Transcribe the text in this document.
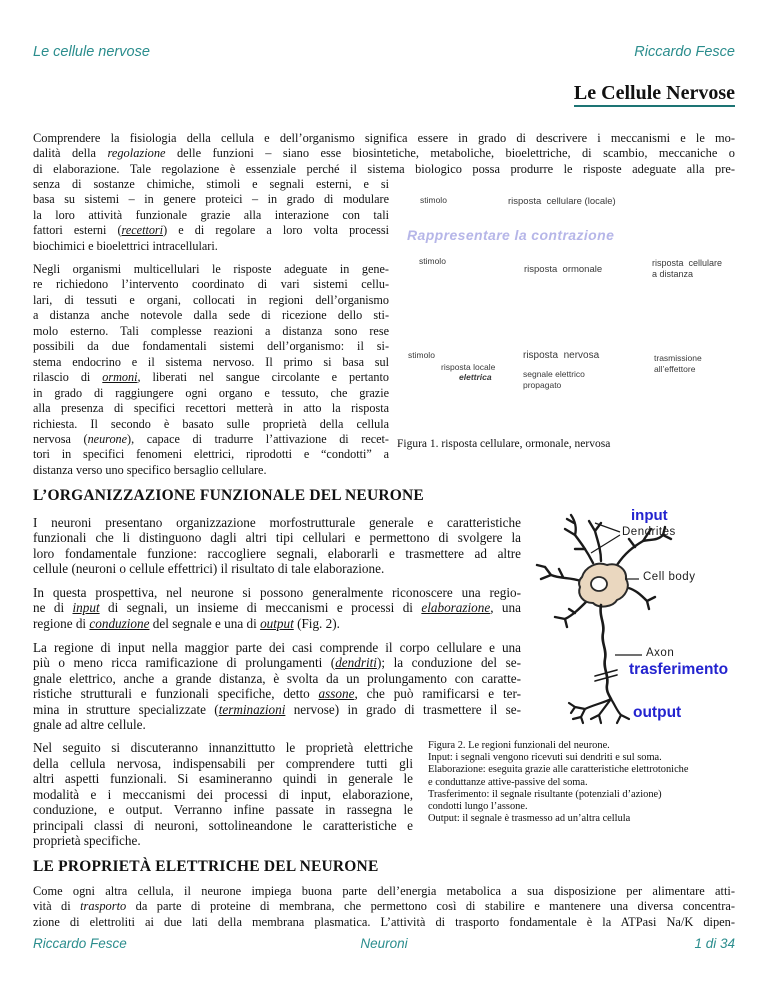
Le cellule nervose	Riccardo Fesce
Le Cellule Nervose
Comprendere la fisiologia della cellula e dell’organismo significa essere in grado di descrivere i meccanismi e le mo-
dalità della regolazione delle funzioni – siano esse biosintetiche, metaboliche, bioelettriche, di scambio, meccaniche o
di elaborazione. Tale regolazione è essenziale perché il sistema biologico possa produrre le risposte adeguate alla pre-
senza di sostanze chimiche, stimoli e segnali esterni, e si
basa su sistemi – in genere proteici – in grado di modulare
la loro attività funzionale grazie alla interazione con tali
fattori esterni (recettori) e di regolare a loro volta processi
biochimici e bioelettrici intracellulari.
Negli organismi multicellulari le risposte adeguate in gene-
re richiedono l’intervento coordinato di vari sistemi cellu-
lari, di tessuti e organi, collocati in regioni dell’organismo
a distanza anche notevole dalla sede di ricezione dello sti-
molo esterno. Tali complesse reazioni a distanza sono rese
possibili da due fondamentali sistemi dell’organismo: il si-
stema endocrino e il sistema nervoso. Il primo si basa sul
rilascio di ormoni, liberati nel sangue circolante e pertanto
in grado di raggiungere ogni organo e tessuto, che grazie
alla presenza di specifici recettori metterà in atto la risposta
richiesta. Il secondo è basato sulle proprietà della cellula
nervosa (neurone), capace di tradurre l’attivazione di recet-
tori in specifici fenomeni elettrici, riprodotti e “condotti” a
distanza verso uno specifico bersaglio cellulare.
stimolo	risposta  cellulare (locale)
Rappresentare la contrazione
stimolo
risposta  ormonale
risposta  cellulare
a distanza
stimolo
risposta locale
elettrica
risposta  nervosa
segnale elettrico
propagato
trasmissione
all’effettore
Figura 1. risposta cellulare, ormonale, nervosa
L’ORGANIZZAZIONE FUNZIONALE DEL NEURONE
I neuroni presentano organizzazione morfostrutturale generale e caratteristiche
funzionali che li distinguono dagli altri tipi cellulari e permettono di svolgere la
loro fondamentale funzione: raccogliere segnali, elaborarli e trasmettere ad altre
cellule (neuroni o cellule effettrici) il risultato di tale elaborazione.
In questa prospettiva, nel neurone si possono generalmente riconoscere una regio-
ne di input di segnali, un insieme di meccanismi e processi di elaborazione, una
regione di conduzione del segnale e una di output (Fig. 2).
La regione di input nella maggior parte dei casi comprende il corpo cellulare e una
più o meno ricca ramificazione di prolungamenti (dendriti); la conduzione del se-
gnale elettrico, anche a grande distanza, è svolta da un prolungamento con caratte-
ristiche strutturali e funzionali specifiche, detto assone, che può ramificarsi e ter-
mina in strutture specializzate (terminazioni nervose) in grado di trasmettere il se-
gnale ad altre cellule.
Nel seguito si discuteranno innanzittutto le proprietà elettriche
della cellula nervosa, indispensabili per comprendere tutti gli
altri aspetti funzionali. Si esamineranno quindi in generale le
modalità e i meccanismi dei processi di input, elaborazione,
conduzione, e output. Verranno infine passate in rassegna le
principali classi di neuroni, sottolineandone le caratteristiche e
proprietà specifiche.
input
Dendrites
Cell body
Axon
trasferimento
output
Figura 2. Le regioni funzionali del neurone.
Input: i segnali vengono ricevuti sui dendriti e sul soma.
Elaborazione: eseguita grazie alle caratteristiche elettrotoniche
e conduttanze attive-passive del soma.
Trasferimento: il segnale risultante (potenziali d’azione)
condotti lungo l’assone.
Output: il segnale è trasmesso ad un’altra cellula
LE PROPRIETÀ ELETTRICHE DEL NEURONE
Come ogni altra cellula, il neurone impiega buona parte dell’energia metabolica a sua disposizione per alimentare atti-
vità di trasporto da parte di proteine di membrana, che permettono così di stabilire e mantenere una diversa concentra-
zione di elettroliti ai due lati della membrana plasmatica. L’attività di trasporto fondamentale è la ATPasi Na/K dipen-
Riccardo Fesce	Neuroni	1 di 34
